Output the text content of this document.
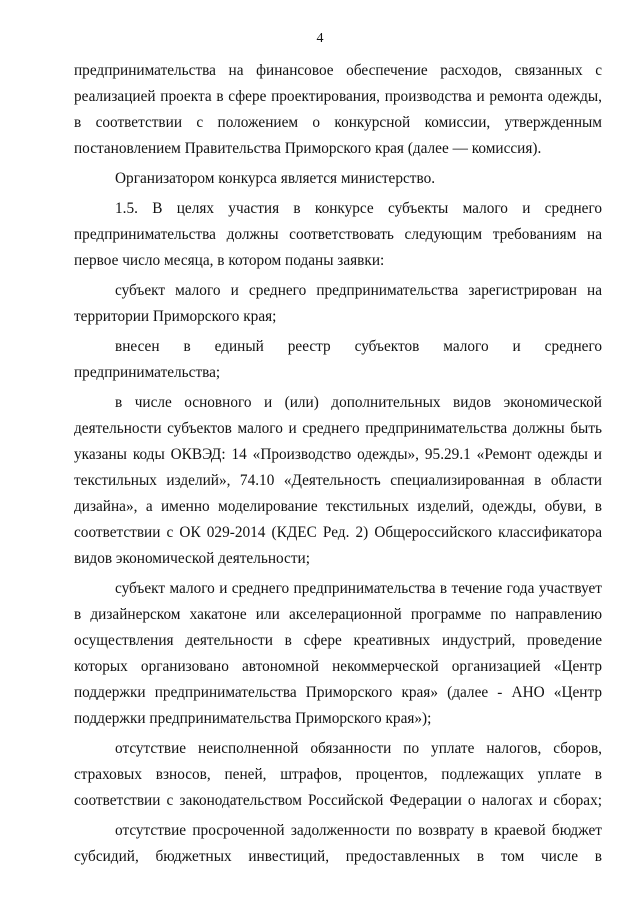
4
предпринимательства на финансовое обеспечение расходов, связанных с
реализацией проекта в сфере проектирования, производства и ремонта одежды,
в соответствии с положением о конкурсной комиссии, утвержденным
постановлением Правительства Приморского края (далее — комиссия).
Организатором конкурса является министерство.
1.5. В целях участия в конкурсе субъекты малого и среднего
предпринимательства должны соответствовать следующим требованиям на
первое число месяца, в котором поданы заявки:
субъект малого и среднего предпринимательства зарегистрирован на
территории Приморского края;
внесен в единый реестр субъектов малого и среднего
предпринимательства;
в числе основного и (или) дополнительных видов экономической
деятельности субъектов малого и среднего предпринимательства должны быть
указаны коды ОКВЭД: 14 «Производство одежды», 95.29.1 «Ремонт одежды и
текстильных изделий», 74.10 «Деятельность специализированная в области
дизайна», а именно моделирование текстильных изделий, одежды, обуви, в
соответствии с ОК 029-2014 (КДЕС Ред. 2) Общероссийского классификатора
видов экономической деятельности;
субъект малого и среднего предпринимательства в течение года участвует
в дизайнерском хакатоне или акселерационной программе по направлению
осуществления деятельности в сфере креативных индустрий, проведение
которых организовано автономной некоммерческой организацией «Центр
поддержки предпринимательства Приморского края» (далее - АНО «Центр
поддержки предпринимательства Приморского края»);
отсутствие неисполненной обязанности по уплате налогов, сборов,
страховых взносов, пеней, штрафов, процентов, подлежащих уплате в
соответствии с законодательством Российской Федерации о налогах и сборах;
отсутствие просроченной задолженности по возврату в краевой бюджет
субсидий, бюджетных инвестиций, предоставленных в том числе в
